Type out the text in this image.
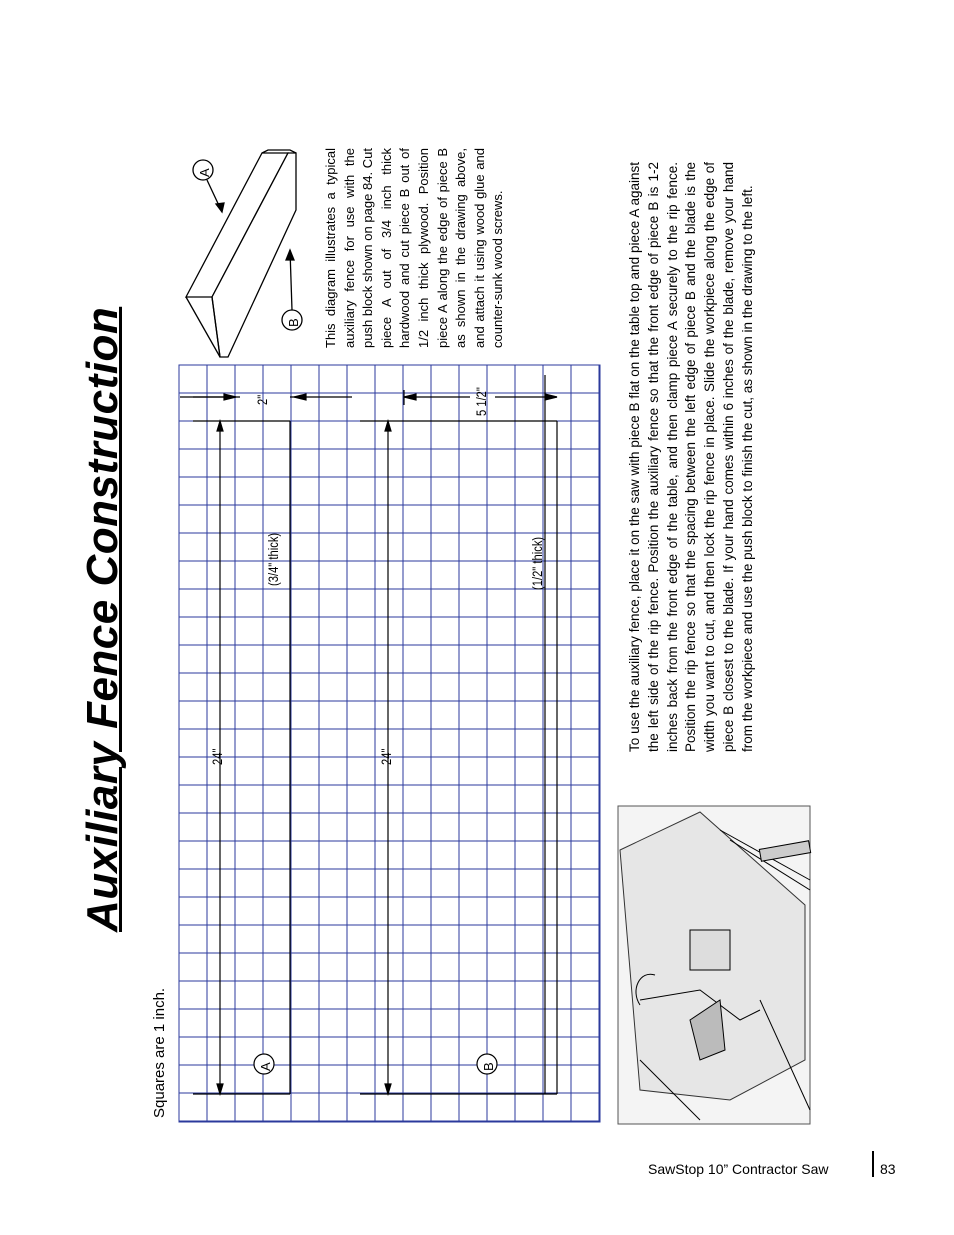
Auxiliary Fence Construction
Squares are 1 inch.
24"	24"
2"	5 1/2"
(3/4" thick)	(1/2" thick)
A	B
A
B This diagram illustrates a typical auxiliary fence for use with the push block shown on page 84. Cut piece A out of 3/4 inch thick hardwood and cut piece B out of 1/2 inch thick plywood. Position piece A along the edge of piece B as shown in the drawing above, and attach it using wood glue and counter-sunk wood screws.	To use the auxiliary fence, place it on the saw with piece B flat on the table top and piece A against the left side of the rip fence. Position the auxiliary fence so that the front edge of piece B is 1-2 inches back from the front edge of the table, and then clamp piece A securely to the rip fence. Position the rip fence so that the spacing between the left edge of piece B and the blade is the width you want to cut, and then lock the rip fence in place. Slide the workpiece along the edge of piece B closest to the blade. If your hand comes within 6 inches of the blade, remove your hand from the workpiece and use the push block to finish the cut, as shown in the drawing to the left.
SawStop 10” Contractor Saw	83
